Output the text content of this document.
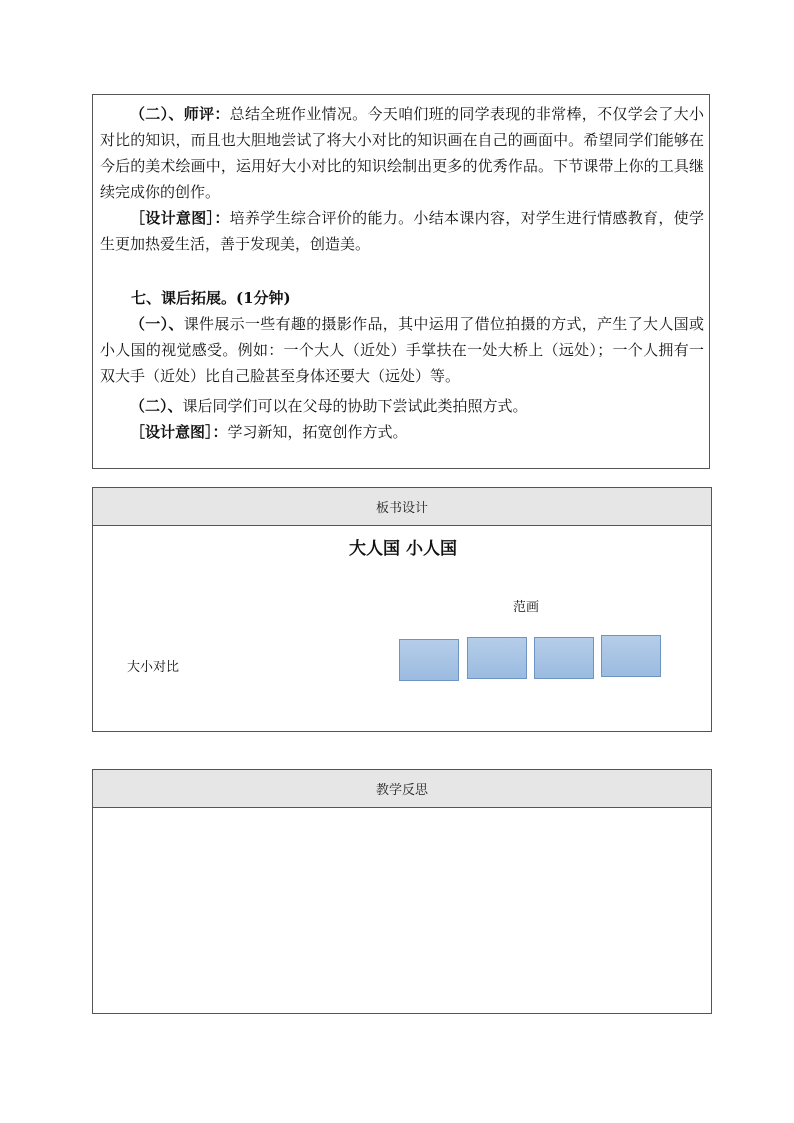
（二）、师评：总结全班作业情况。今天咱们班的同学表现的非常棒，不仅学会了大小对比的知识，而且也大胆地尝试了将大小对比的知识画在自己的画面中。希望同学们能够在今后的美术绘画中，运用好大小对比的知识绘制出更多的优秀作品。下节课带上你的工具继续完成你的创作。

［设计意图］：培养学生综合评价的能力。小结本课内容，对学生进行情感教育，使学生更加热爱生活，善于发现美，创造美。

七、课后拓展。(1分钟)

（一）、课件展示一些有趣的摄影作品，其中运用了借位拍摄的方式，产生了大人国或小人国的视觉感受。例如：一个大人（近处）手掌扶在一处大桥上（远处）；一个人拥有一双大手（近处）比自己脸甚至身体还要大（远处）等。

（二）、课后同学们可以在父母的协助下尝试此类拍照方式。

［设计意图］：学习新知，拓宽创作方式。

板书设计
大人国 小人国
范画
大小对比
教学反思
